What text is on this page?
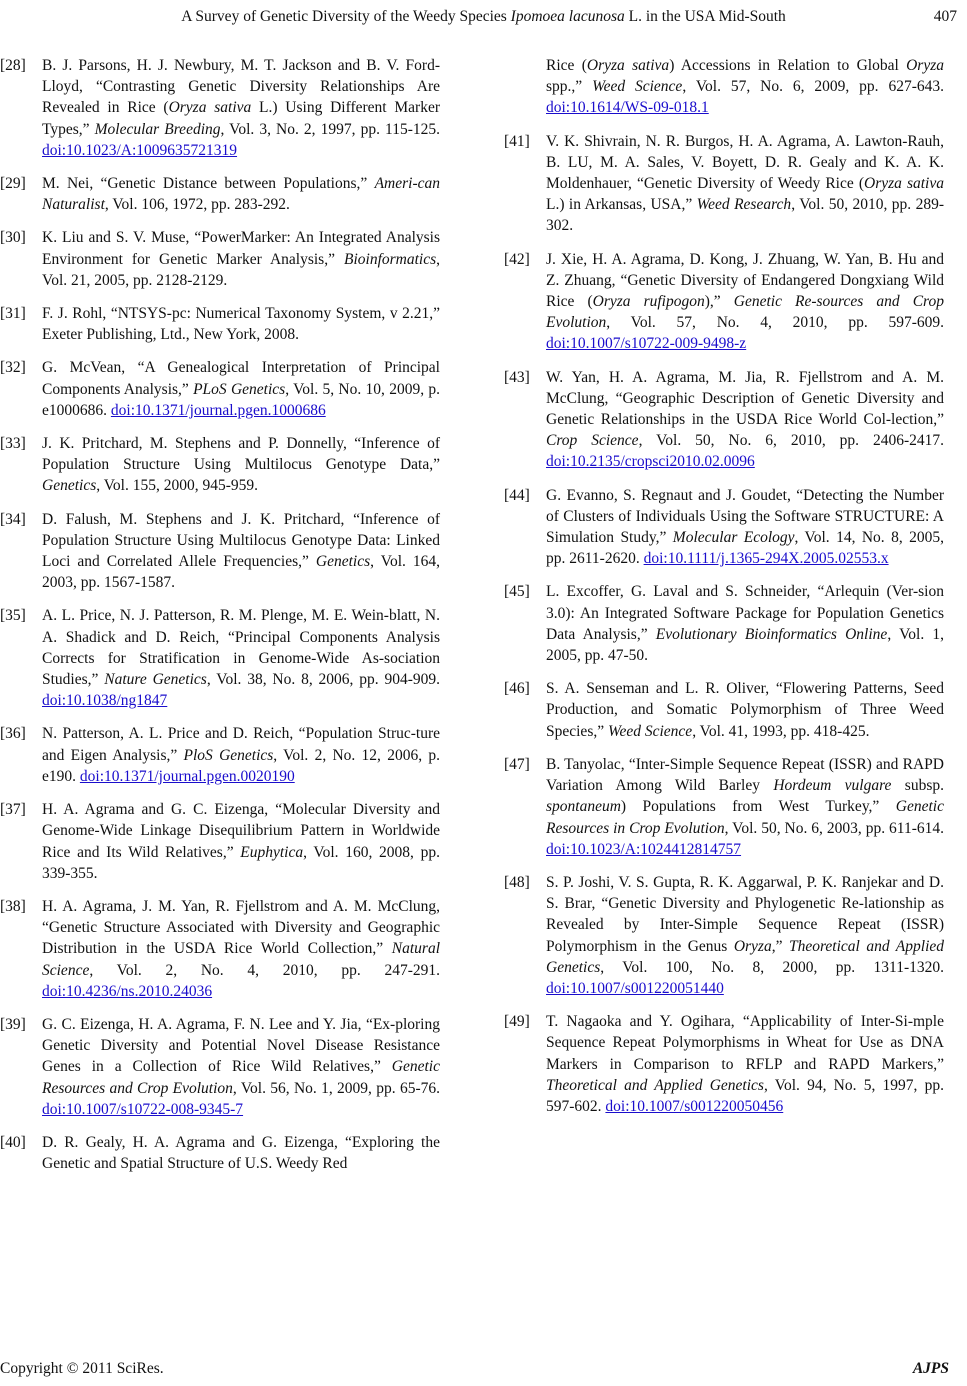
A Survey of Genetic Diversity of the Weedy Species Ipomoea lacunosa L. in the USA Mid-South	407
[28]	B. J. Parsons, H. J. Newbury, M. T. Jackson and B. V. Ford-Lloyd, “Contrasting Genetic Diversity Relationships Are Revealed in Rice (Oryza sativa L.) Using Different Marker Types,” Molecular Breeding, Vol. 3, No. 2, 1997, pp. 115-125. doi:10.1023/A:1009635721319
[29]	M. Nei, “Genetic Distance between Populations,” Ameri-can Naturalist, Vol. 106, 1972, pp. 283-292.
[30]	K. Liu and S. V. Muse, “PowerMarker: An Integrated Analysis Environment for Genetic Marker Analysis,” Bioinformatics, Vol. 21, 2005, pp. 2128-2129.
[31]	F. J. Rohl, “NTSYS-pc: Numerical Taxonomy System, v 2.21,” Exeter Publishing, Ltd., New York, 2008.
[32]	G. McVean, “A Genealogical Interpretation of Principal Components Analysis,” PLoS Genetics, Vol. 5, No. 10, 2009, p. e1000686. doi:10.1371/journal.pgen.1000686
[33]	J. K. Pritchard, M. Stephens and P. Donnelly, “Inference of Population Structure Using Multilocus Genotype Data,” Genetics, Vol. 155, 2000, 945-959.
[34]	D. Falush, M. Stephens and J. K. Pritchard, “Inference of Population Structure Using Multilocus Genotype Data: Linked Loci and Correlated Allele Frequencies,” Genetics, Vol. 164, 2003, pp. 1567-1587.
[35]	A. L. Price, N. J. Patterson, R. M. Plenge, M. E. Wein-blatt, N. A. Shadick and D. Reich, “Principal Components Analysis Corrects for Stratification in Genome-Wide As-sociation Studies,” Nature Genetics, Vol. 38, No. 8, 2006, pp. 904-909. doi:10.1038/ng1847
[36]	N. Patterson, A. L. Price and D. Reich, “Population Struc-ture and Eigen Analysis,” PloS Genetics, Vol. 2, No. 12, 2006, p. e190. doi:10.1371/journal.pgen.0020190
[37]	H. A. Agrama and G. C. Eizenga, “Molecular Diversity and Genome-Wide Linkage Disequilibrium Pattern in Worldwide Rice and Its Wild Relatives,” Euphytica, Vol. 160, 2008, pp. 339-355.
[38]	H. A. Agrama, J. M. Yan, R. Fjellstrom and A. M. McClung, “Genetic Structure Associated with Diversity and Geographic Distribution in the USDA Rice World Collection,” Natural Science, Vol. 2, No. 4, 2010, pp. 247-291. doi:10.4236/ns.2010.24036
[39]	G. C. Eizenga, H. A. Agrama, F. N. Lee and Y. Jia, “Ex-ploring Genetic Diversity and Potential Novel Disease Resistance Genes in a Collection of Rice Wild Relatives,” Genetic Resources and Crop Evolution, Vol. 56, No. 1, 2009, pp. 65-76. doi:10.1007/s10722-008-9345-7
[40]	D. R. Gealy, H. A. Agrama and G. Eizenga, “Exploring the Genetic and Spatial Structure of U.S. Weedy Red
Rice (Oryza sativa) Accessions in Relation to Global Oryza spp.,” Weed Science, Vol. 57, No. 6, 2009, pp. 627-643. doi:10.1614/WS-09-018.1
[41]	V. K. Shivrain, N. R. Burgos, H. A. Agrama, A. Lawton-Rauh, B. LU, M. A. Sales, V. Boyett, D. R. Gealy and K. A. K. Moldenhauer, “Genetic Diversity of Weedy Rice (Oryza sativa L.) in Arkansas, USA,” Weed Research, Vol. 50, 2010, pp. 289-302.
[42]	J. Xie, H. A. Agrama, D. Kong, J. Zhuang, W. Yan, B. Hu and Z. Zhuang, “Genetic Diversity of Endangered Dongxiang Wild Rice (Oryza rufipogon),” Genetic Re-sources and Crop Evolution, Vol. 57, No. 4, 2010, pp. 597-609. doi:10.1007/s10722-009-9498-z
[43]	W. Yan, H. A. Agrama, M. Jia, R. Fjellstrom and A. M. McClung, “Geographic Description of Genetic Diversity and Genetic Relationships in the USDA Rice World Col-lection,” Crop Science, Vol. 50, No. 6, 2010, pp. 2406-2417. doi:10.2135/cropsci2010.02.0096
[44]	G. Evanno, S. Regnaut and J. Goudet, “Detecting the Number of Clusters of Individuals Using the Software STRUCTURE: A Simulation Study,” Molecular Ecology, Vol. 14, No. 8, 2005, pp. 2611-2620. doi:10.1111/j.1365-294X.2005.02553.x
[45]	L. Excoffer, G. Laval and S. Schneider, “Arlequin (Ver-sion 3.0): An Integrated Software Package for Population Genetics Data Analysis,” Evolutionary Bioinformatics Online, Vol. 1, 2005, pp. 47-50.
[46]	S. A. Senseman and L. R. Oliver, “Flowering Patterns, Seed Production, and Somatic Polymorphism of Three Weed Species,” Weed Science, Vol. 41, 1993, pp. 418-425.
[47]	B. Tanyolac, “Inter-Simple Sequence Repeat (ISSR) and RAPD Variation Among Wild Barley Hordeum vulgare subsp. spontaneum) Populations from West Turkey,” Genetic Resources in Crop Evolution, Vol. 50, No. 6, 2003, pp. 611-614. doi:10.1023/A:1024412814757
[48]	S. P. Joshi, V. S. Gupta, R. K. Aggarwal, P. K. Ranjekar and D. S. Brar, “Genetic Diversity and Phylogenetic Re-lationship as Revealed by Inter-Simple Sequence Repeat (ISSR) Polymorphism in the Genus Oryza,” Theoretical and Applied Genetics, Vol. 100, No. 8, 2000, pp. 1311-1320. doi:10.1007/s001220051440
[49]	T. Nagaoka and Y. Ogihara, “Applicability of Inter-Si-mple Sequence Repeat Polymorphisms in Wheat for Use as DNA Markers in Comparison to RFLP and RAPD Markers,” Theoretical and Applied Genetics, Vol. 94, No. 5, 1997, pp. 597-602. doi:10.1007/s001220050456
Copyright © 2011 SciRes.	AJPS
